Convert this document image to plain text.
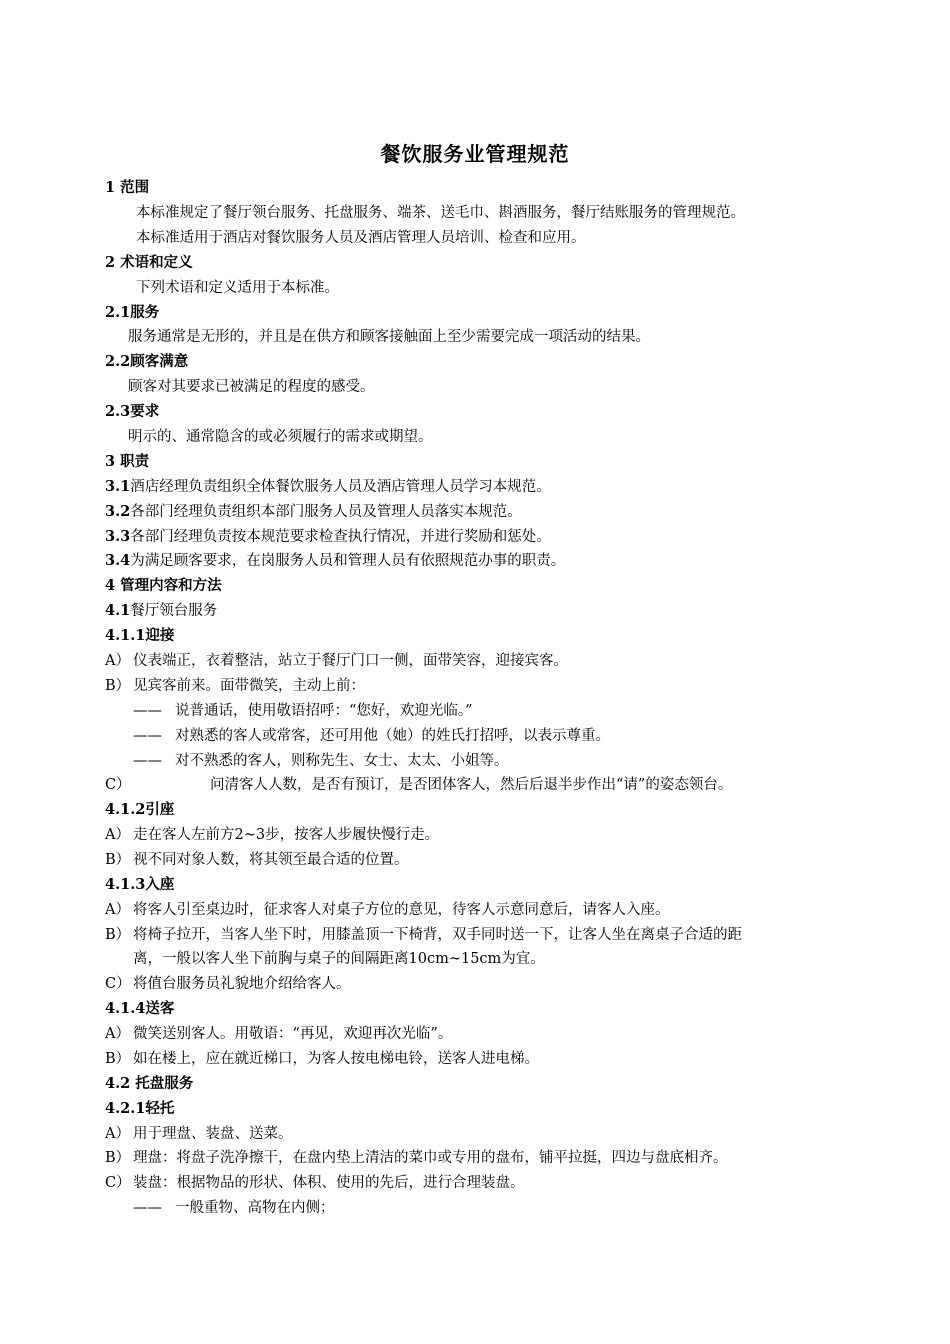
餐饮服务业管理规范
1 范围
本标准规定了餐厅领台服务、托盘服务、端茶、送毛巾、斟酒服务，餐厅结账服务的管理规范。
本标准适用于酒店对餐饮服务人员及酒店管理人员培训、检查和应用。
2 术语和定义
下列术语和定义适用于本标准。
2.1服务
服务通常是无形的，并且是在供方和顾客接触面上至少需要完成一项活动的结果。
2.2顾客满意
顾客对其要求已被满足的程度的感受。
2.3要求
明示的、通常隐含的或必须履行的需求或期望。
3 职责
3.1酒店经理负责组织全体餐饮服务人员及酒店管理人员学习本规范。
3.2各部门经理负责组织本部门服务人员及管理人员落实本规范。
3.3各部门经理负责按本规范要求检查执行情况，并进行奖励和惩处。
3.4为满足顾客要求，在岗服务人员和管理人员有依照规范办事的职责。
4 管理内容和方法
4.1餐厅领台服务
4.1.1迎接
A） 仪表端正，衣着整洁，站立于餐厅门口一侧，面带笑容，迎接宾客。
B） 见宾客前来。面带微笑，主动上前：
—— 说普通话，使用敬语招呼：“您好，欢迎光临。”
—— 对熟悉的客人或常客，还可用他（她）的姓氏打招呼，以表示尊重。
—— 对不熟悉的客人，则称先生、女士、太太、小姐等。
C）	问清客人人数，是否有预订，是否团体客人，然后后退半步作出“请”的姿态领台。
4.1.2引座
A） 走在客人左前方2~3步，按客人步履快慢行走。
B） 视不同对象人数，将其领至最合适的位置。
4.1.3入座
A） 将客人引至桌边时，征求客人对桌子方位的意见，待客人示意同意后，请客人入座。
B） 将椅子拉开，当客人坐下时，用膝盖顶一下椅背，双手同时送一下，让客人坐在离桌子合适的距
离，一般以客人坐下前胸与桌子的间隔距离10cm~15cm为宜。
C） 将值台服务员礼貌地介绍给客人。
4.1.4送客
A） 微笑送别客人。用敬语：“再见，欢迎再次光临”。
B） 如在楼上，应在就近梯口，为客人按电梯电铃，送客人进电梯。
4.2 托盘服务
4.2.1轻托
A） 用于理盘、装盘、送菜。
B） 理盘：将盘子洗净擦干，在盘内垫上清洁的菜巾或专用的盘布，铺平拉挺，四边与盘底相齐。
C） 装盘：根据物品的形状、体积、使用的先后，进行合理装盘。
—— 一般重物、高物在内侧；
